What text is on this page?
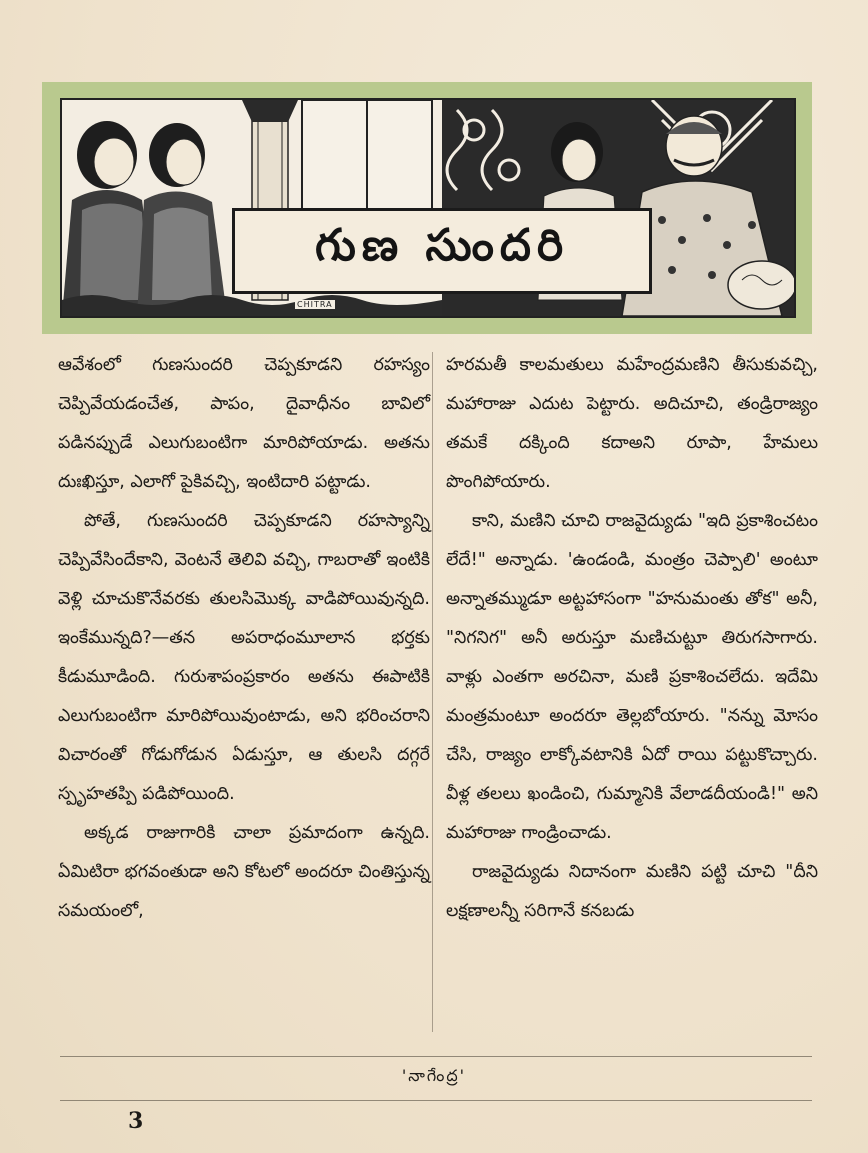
గుణ సుందరి
CHITRA

ఆవేశంలో గుణసుందరి చెప్పకూడని రహస్యం చెప్పివేయడంచేత, పాపం, దైవాధీనం బావిలో పడినప్పుడే ఎలుగుబంటిగా మారిపోయాడు. అతను దుఃఖిస్తూ, ఎలాగో పైకివచ్చి, ఇంటిదారి పట్టాడు.

పోతే, గుణసుందరి చెప్పకూడని రహస్యాన్ని చెప్పివేసిందేకాని, వెంటనే తెలివి వచ్చి, గాబరాతో ఇంటికి వెళ్లి చూచుకొనేవరకు తులసిమొక్క వాడిపోయివున్నది. ఇంకేమున్నది?—తన అపరాధంమూలాన భర్తకు కీడుమూడింది. గురుశాపంప్రకారం అతను ఈపాటికి ఎలుగుబంటిగా మారిపోయివుంటాడు, అని భరించరాని విచారంతో గోడుగోడున ఏడుస్తూ, ఆ తులసి దగ్గరే స్పృహతప్పి పడిపోయింది.

అక్కడ రాజుగారికి చాలా ప్రమాదంగా ఉన్నది. ఏమిటిరా భగవంతుడా అని కోటలో అందరూ చింతిస్తున్న సమయంలో,

హరమతీ కాలమతులు మహేంద్రమణిని తీసుకువచ్చి, మహారాజు ఎదుట పెట్టారు. అదిచూచి, తండ్రిరాజ్యం తమకే దక్కింది కదాఅని రూపా, హేమలు పొంగిపోయారు.

కాని, మణిని చూచి రాజవైద్యుడు "ఇది ప్రకాశించటం లేదే!" అన్నాడు. 'ఉండండి, మంత్రం చెప్పాలి' అంటూ అన్నాతమ్ముడూ అట్టహాసంగా "హనుమంతు తోక" అనీ, "నిగనిగ" అనీ అరుస్తూ మణిచుట్టూ తిరుగసాగారు. వాళ్లు ఎంతగా అరచినా, మణి ప్రకాశించలేదు. ఇదేమి మంత్రమంటూ అందరూ తెల్లబోయారు. "నన్ను మోసం చేసి, రాజ్యం లాక్కోవటానికి ఏదో రాయి పట్టుకొచ్చారు. వీళ్ల తలలు ఖండించి, గుమ్మానికి వేలాడదీయండి!" అని మహారాజు గాండ్రించాడు.

రాజవైద్యుడు నిదానంగా మణిని పట్టి చూచి "దీని లక్షణాలన్నీ సరిగానే కనబడు

'నాగేంద్ర'
3
